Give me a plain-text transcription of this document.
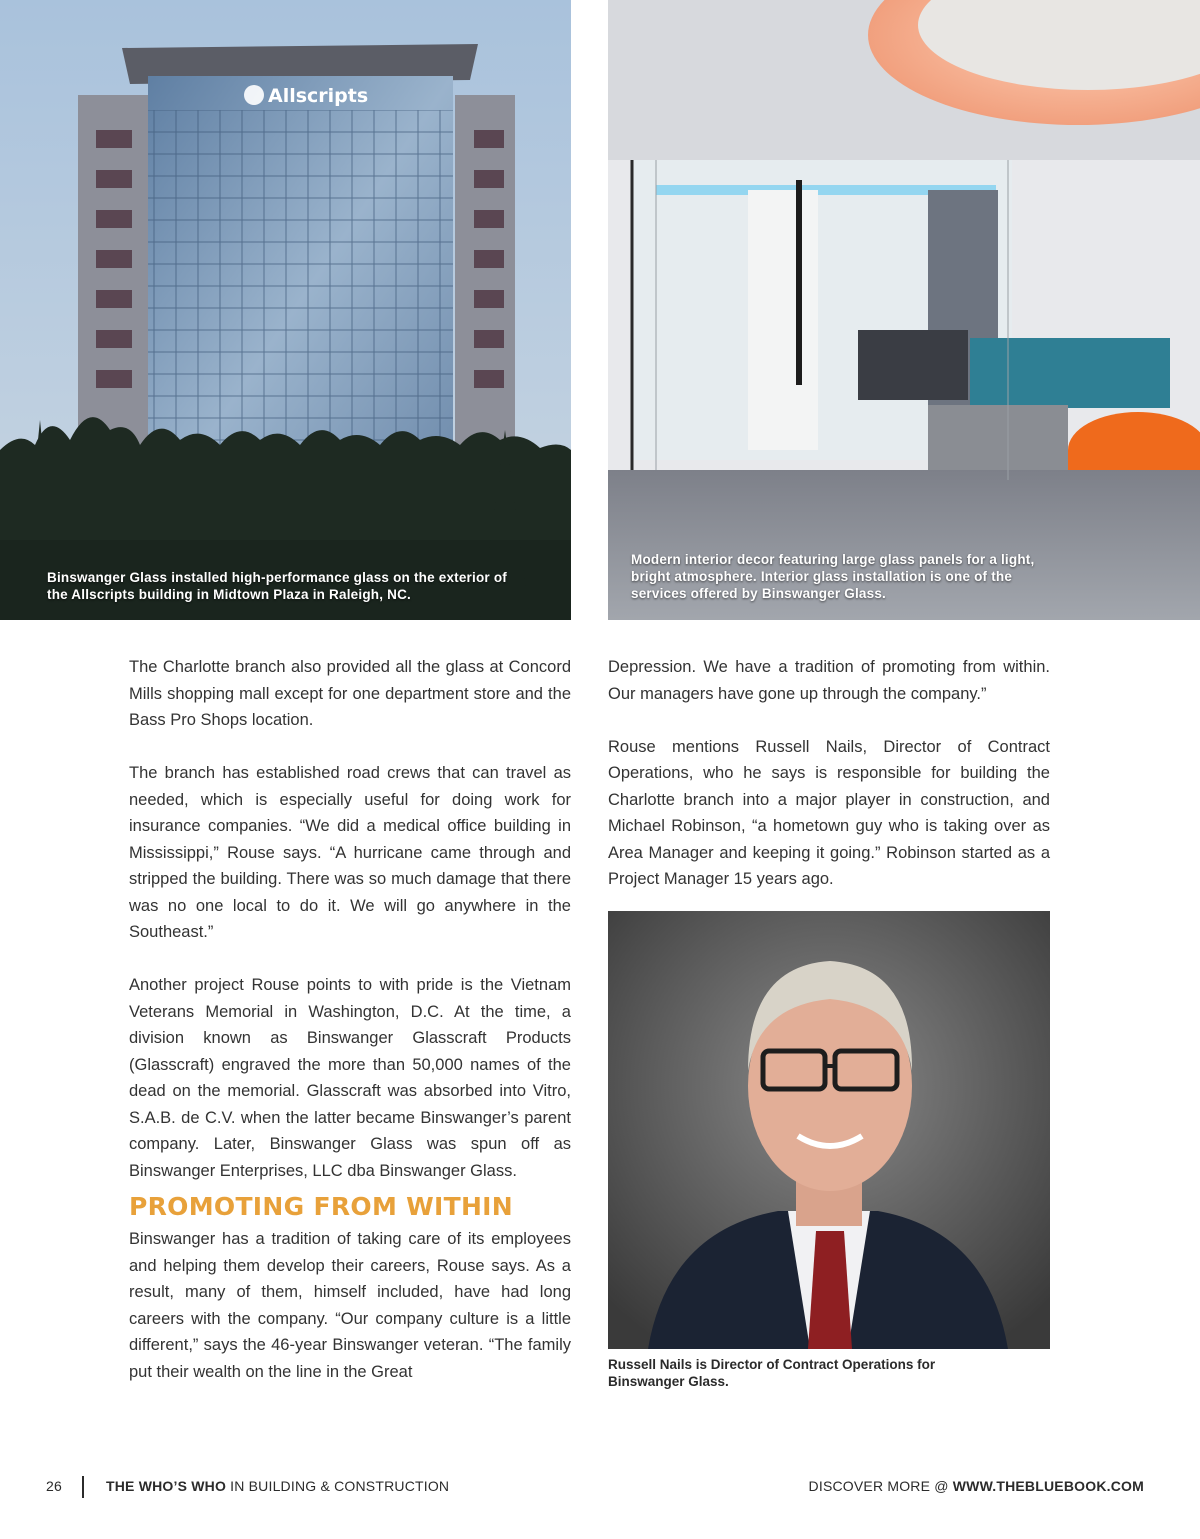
Allscripts
Binswanger Glass installed high-performance glass on the exterior of the Allscripts building in Midtown Plaza in Raleigh, NC.
Modern interior decor featuring large glass panels for a light, bright atmosphere. Interior glass installation is one of the services offered by Binswanger Glass.

The Charlotte branch also provided all the glass at Concord Mills shopping mall except for one department store and the Bass Pro Shops location.

The branch has established road crews that can travel as needed, which is especially useful for doing work for insurance companies. “We did a medical office building in Mississippi,” Rouse says. “A hurricane came through and stripped the building. There was so much damage that there was no one local to do it. We will go anywhere in the Southeast.”

Another project Rouse points to with pride is the Vietnam Veterans Memorial in Washington, D.C. At the time, a division known as Binswanger Glasscraft Products (Glasscraft) engraved the more than 50,000 names of the dead on the memorial. Glasscraft was absorbed into Vitro, S.A.B. de C.V. when the latter became Binswanger’s parent company. Later, Binswanger Glass was spun off as Binswanger Enterprises, LLC dba Binswanger Glass.

PROMOTING FROM WITHIN

Binswanger has a tradition of taking care of its employees and helping them develop their careers, Rouse says. As a result, many of them, himself included, have had long careers with the company. “Our company culture is a little different,” says the 46-year Binswanger veteran. “The family put their wealth on the line in the Great

Depression. We have a tradition of promoting from within. Our managers have gone up through the company.”

Rouse mentions Russell Nails, Director of Contract Operations, who he says is responsible for building the Charlotte branch into a major player in construction, and Michael Robinson, “a hometown guy who is taking over as Area Manager and keeping it going.” Robinson started as a Project Manager 15 years ago.

Russell Nails is Director of Contract Operations for Binswanger Glass.
26	THE WHO’S WHO IN BUILDING & CONSTRUCTION	DISCOVER MORE @ WWW.THEBLUEBOOK.COM
